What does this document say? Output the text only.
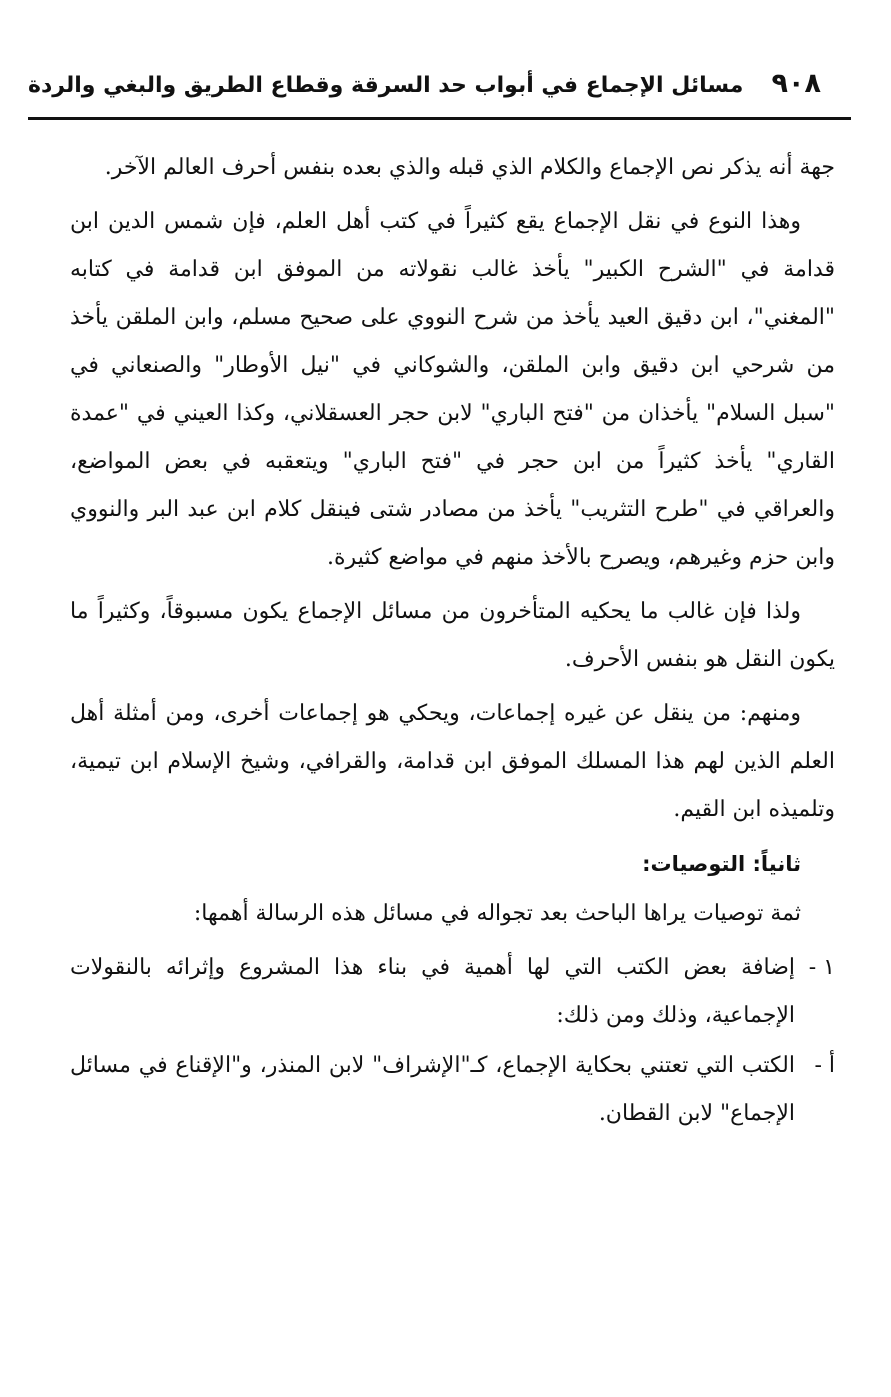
٩٠٨
مسائل الإجماع في أبواب حد السرقة وقطاع الطريق والبغي والردة

جهة أنه يذكر نص الإجماع والكلام الذي قبله والذي بعده بنفس أحرف العالم الآخر.

وهذا النوع في نقل الإجماع يقع كثيراً في كتب أهل العلم، فإن شمس الدين ابن قدامة في "الشرح الكبير" يأخذ غالب نقولاته من الموفق ابن قدامة في كتابه "المغني"، ابن دقيق العيد يأخذ من شرح النووي على صحيح مسلم، وابن الملقن يأخذ من شرحي ابن دقيق وابن الملقن، والشوكاني في "نيل الأوطار" والصنعاني في "سبل السلام" يأخذان من "فتح الباري" لابن حجر العسقلاني، وكذا العيني في "عمدة القاري" يأخذ كثيراً من ابن حجر في "فتح الباري" ويتعقبه في بعض المواضع، والعراقي في "طرح التثريب" يأخذ من مصادر شتى فينقل كلام ابن عبد البر والنووي وابن حزم وغيرهم، ويصرح بالأخذ منهم في مواضع كثيرة.

ولذا فإن غالب ما يحكيه المتأخرون من مسائل الإجماع يكون مسبوقاً، وكثيراً ما يكون النقل هو بنفس الأحرف.

ومنهم: من ينقل عن غيره إجماعات، ويحكي هو إجماعات أخرى، ومن أمثلة أهل العلم الذين لهم هذا المسلك الموفق ابن قدامة، والقرافي، وشيخ الإسلام ابن تيمية، وتلميذه ابن القيم.

ثانياً: التوصيات:

ثمة توصيات يراها الباحث بعد تجواله في مسائل هذه الرسالة أهمها:

١ -
إضافة بعض الكتب التي لها أهمية في بناء هذا المشروع وإثرائه بالنقولات الإجماعية، وذلك ومن ذلك:
أ -
الكتب التي تعتني بحكاية الإجماع، كـ"الإشراف" لابن المنذر، و"الإقناع في مسائل الإجماع" لابن القطان.
